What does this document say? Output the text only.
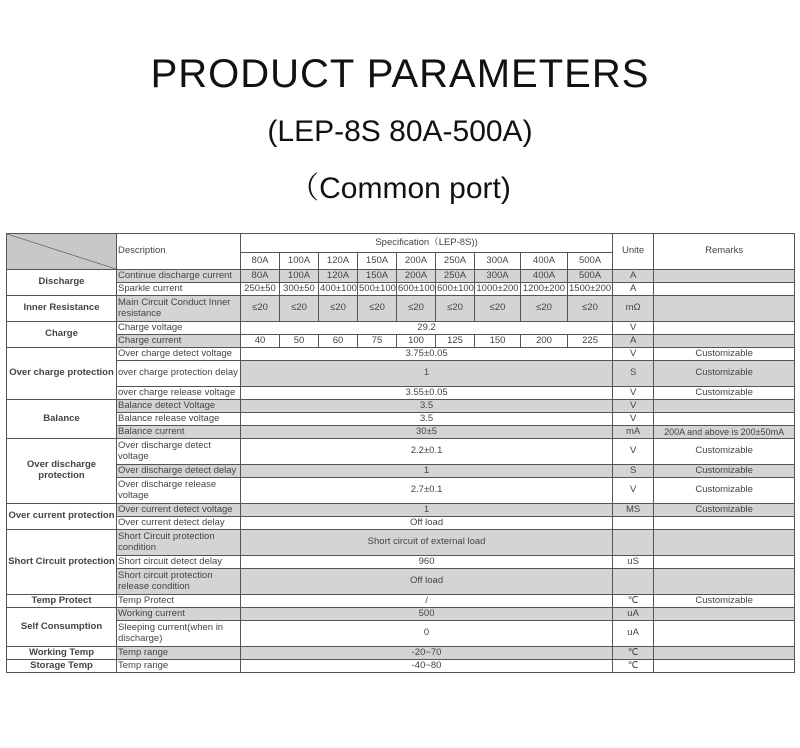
PRODUCT PARAMETERS
(LEP-8S 80A-500A)
（Common port)
	Description	Specification（LEP-8S))									Unite	Remarks
		80A	100A	120A	150A	200A	250A	300A	400A	500A		
Discharge	Continue discharge current	80A	100A	120A	150A	200A	250A	300A	400A	500A	A	
	Sparkle current	250±50	300±50	400±100	500±100	600±100	600±100	1000±200	1200±200	1500±200	A	
Inner Resistance	Main Circuit Conduct Inner resistance	≤20	≤20	≤20	≤20	≤20	≤20	≤20	≤20	≤20	mΩ	
Charge	Charge voltage	29.2									V	
	Charge current	40	50	60	75	100	125	150	200	225	A	
Over charge protection	Over charge detect voltage	3.75±0.05									V	Customizable
	over charge protection delay	1									S	Customizable
	over charge release voltage	3.55±0.05									V	Customizable
Balance	Balance detect Voltage	3.5									V	
	Balance release voltage	3.5									V	
	Balance current	30±5									mA	200A and above is 200±50mA
Over discharge protection	Over discharge detect voltage	2.2±0.1									V	Customizable
	Over discharge detect delay	1									S	Customizable
	Over discharge release voltage	2.7±0.1									V	Customizable
Over current protection	Over current detect voltage	1									MS	Customizable
	Over current detect delay	Off load										
Short Circuit protection	Short Circuit protection condition	Short circuit of external load										
	Short circuit detect delay	960									uS	
	Short circuit protection release condition	Off load										
Temp Protect	Temp Protect	/									℃	Customizable
Self Consumption	Working current	500									uA	
	Sleeping current(when in discharge)	0									uA	
Working Temp	Temp range	-20~70									℃	
Storage Temp	Temp range	-40~80									℃	
